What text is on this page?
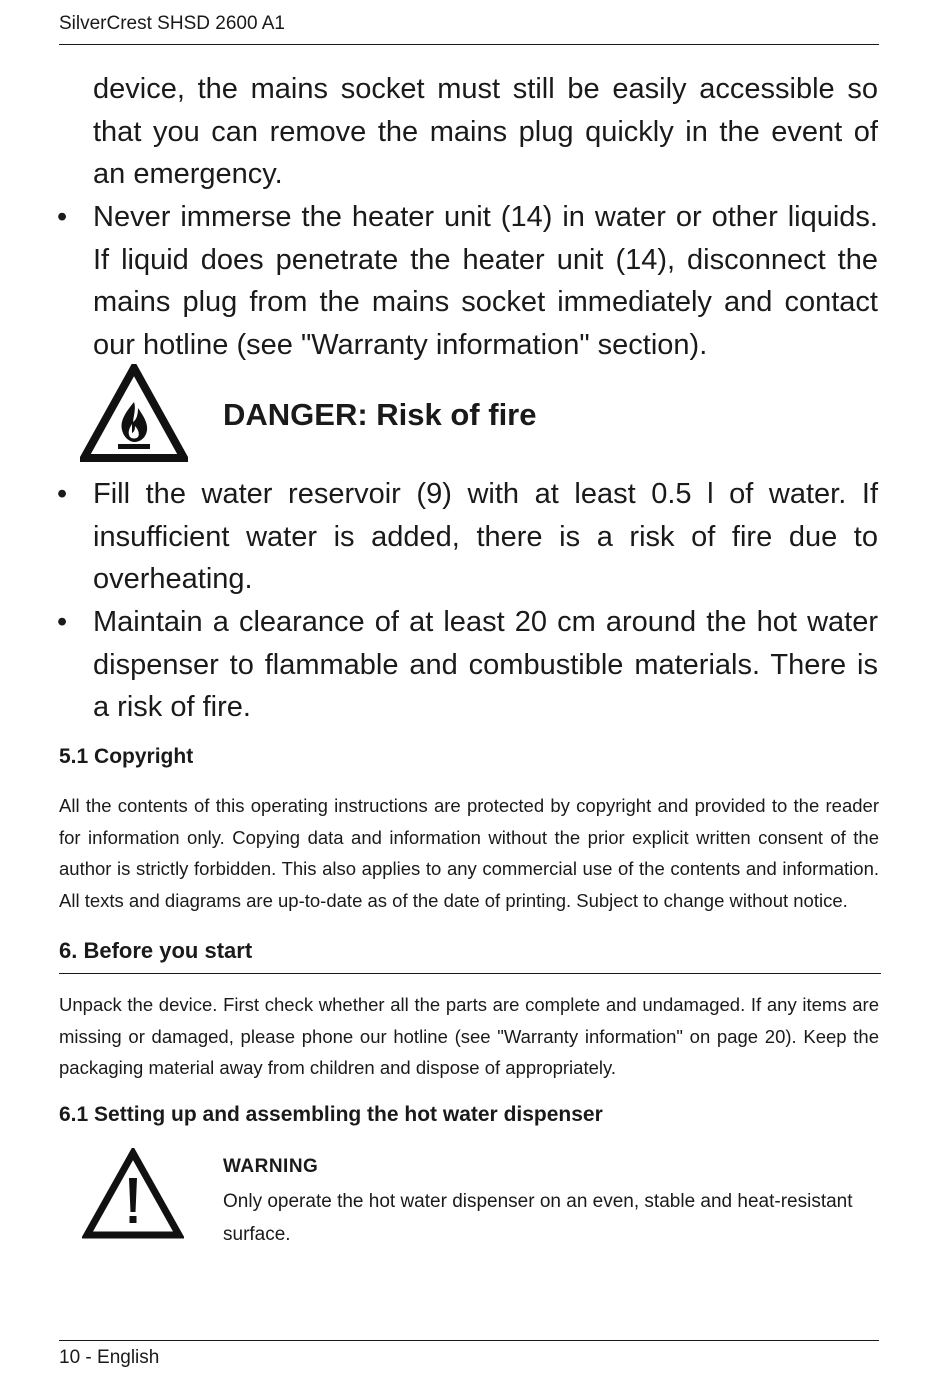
SilverCrest SHSD 2600 A1
device, the mains socket must still be easily accessible so that you can remove the mains plug quickly in the event of an emergency.
• Never immerse the heater unit (14) in water or other liquids. If liquid does penetrate the heater unit (14), disconnect the mains plug from the mains socket immediately and contact our hotline (see "Warranty information" section).
DANGER: Risk of fire
• Fill the water reservoir (9) with at least 0.5 l of water. If insufficient water is added, there is a risk of fire due to overheating.
• Maintain a clearance of at least 20 cm around the hot water dispenser to flammable and combustible materials. There is a risk of fire.
5.1 Copyright
All the contents of this operating instructions are protected by copyright and provided to the reader for information only. Copying data and information without the prior explicit written consent of the author is strictly forbidden. This also applies to any commercial use of the contents and information. All texts and diagrams are up-to-date as of the date of printing. Subject to change without notice.
6. Before you start
Unpack the device. First check whether all the parts are complete and undamaged. If any items are missing or damaged, please phone our hotline (see "Warranty information" on page 20). Keep the packaging material away from children and dispose of appropriately.
6.1 Setting up and assembling the hot water dispenser
WARNING
Only operate the hot water dispenser on an even, stable and heat-resistant surface.
10 - English
